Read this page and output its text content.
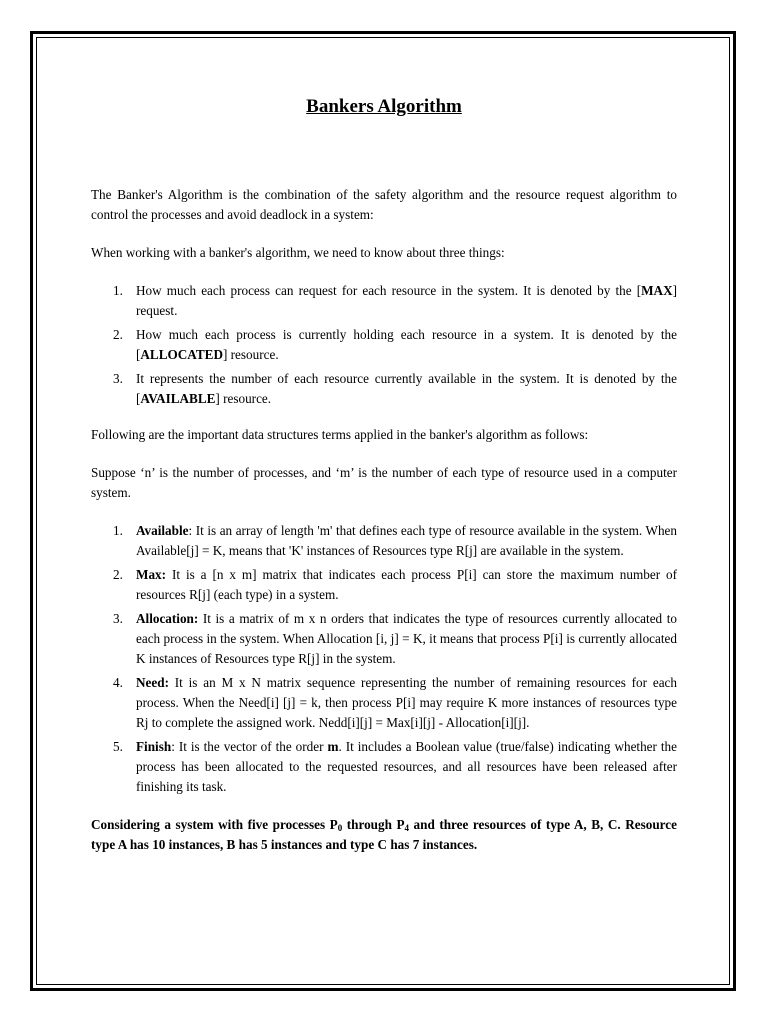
Bankers Algorithm

The Banker's Algorithm is the combination of the safety algorithm and the resource request algorithm to control the processes and avoid deadlock in a system:

When working with a banker's algorithm, we need to know about three things:

1. How much each process can request for each resource in the system. It is denoted by the [MAX] request.
2. How much each process is currently holding each resource in a system. It is denoted by the [ALLOCATED] resource.
3. It represents the number of each resource currently available in the system. It is denoted by the [AVAILABLE] resource.

Following are the important data structures terms applied in the banker's algorithm as follows:

Suppose ‘n’ is the number of processes, and ‘m’ is the number of each type of resource used in a computer system.

1. Available: It is an array of length 'm' that defines each type of resource available in the system. When Available[j] = K, means that 'K' instances of Resources type R[j] are available in the system.
2. Max: It is a [n x m] matrix that indicates each process P[i] can store the maximum number of resources R[j] (each type) in a system.
3. Allocation: It is a matrix of m x n orders that indicates the type of resources currently allocated to each process in the system. When Allocation [i, j] = K, it means that process P[i] is currently allocated K instances of Resources type R[j] in the system.
4. Need: It is an M x N matrix sequence representing the number of remaining resources for each process. When the Need[i] [j] = k, then process P[i] may require K more instances of resources type Rj to complete the assigned work. Nedd[i][j] = Max[i][j] - Allocation[i][j].
5. Finish: It is the vector of the order m. It includes a Boolean value (true/false) indicating whether the process has been allocated to the requested resources, and all resources have been released after finishing its task.

Considering a system with five processes $P_0$ through $P_4$ and three resources of type A, B, C. Resource type A has 10 instances, B has 5 instances and type C has 7 instances.
